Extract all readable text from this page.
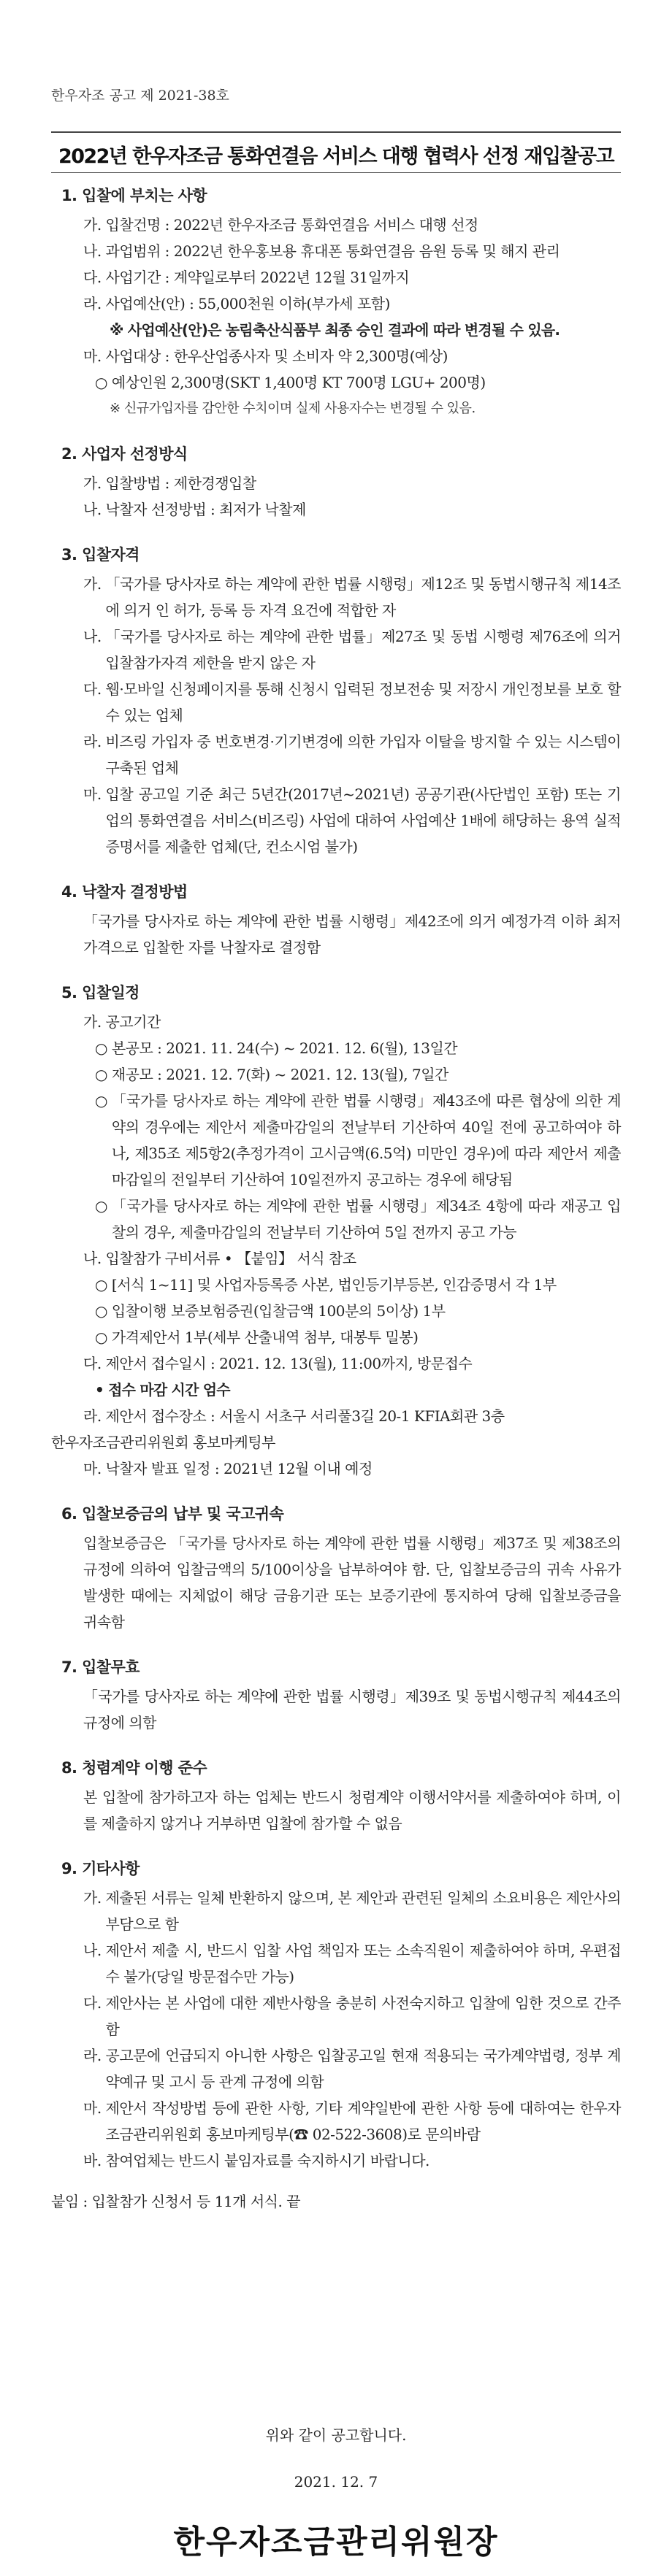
한우자조 공고 제 2021-38호
2022년 한우자조금 통화연결음 서비스 대행 협력사 선정 재입찰공고
1. 입찰에 부치는 사항
가. 입찰건명 : 2022년 한우자조금 통화연결음 서비스 대행 선정
나. 과업범위 : 2022년 한우홍보용 휴대폰 통화연결음 음원 등록 및 해지 관리
다. 사업기간 : 계약일로부터 2022년 12월 31일까지
라. 사업예산(안) : 55,000천원 이하(부가세 포함)
※ 사업예산(안)은 농림축산식품부 최종 승인 결과에 따라 변경될 수 있음.
마. 사업대상 : 한우산업종사자 및 소비자 약 2,300명(예상)
○ 예상인원 2,300명(SKT 1,400명 KT 700명 LGU+ 200명)
※ 신규가입자를 감안한 수치이며 실제 사용자수는 변경될 수 있음.
2. 사업자 선정방식
가. 입찰방법 : 제한경쟁입찰
나. 낙찰자 선정방법 : 최저가 낙찰제
3. 입찰자격
가. 「국가를 당사자로 하는 계약에 관한 법률 시행령」제12조 및 동법시행규칙 제14조에 의거 인 허가, 등록 등 자격 요건에 적합한 자
나. 「국가를 당사자로 하는 계약에 관한 법률」제27조 및 동법 시행령 제76조에 의거 입찰참가자격 제한을 받지 않은 자
다. 웹·모바일 신청페이지를 통해 신청시 입력된 정보전송 및 저장시 개인정보를 보호 할 수 있는 업체
라. 비즈링 가입자 중 번호변경·기기변경에 의한 가입자 이탈을 방지할 수 있는 시스템이 구축된 업체
마. 입찰 공고일 기준 최근 5년간(2017년~2021년) 공공기관(사단법인 포함) 또는 기업의 통화연결음 서비스(비즈링) 사업에 대하여 사업예산 1배에 해당하는 용역 실적 증명서를 제출한 업체(단, 컨소시엄 불가)
4. 낙찰자 결정방법
「국가를 당사자로 하는 계약에 관한 법률 시행령」제42조에 의거 예정가격 이하 최저가격으로 입찰한 자를 낙찰자로 결정함
5. 입찰일정
가. 공고기간
○ 본공모 : 2021. 11. 24(수) ~ 2021. 12. 6(월), 13일간
○ 재공모 : 2021. 12. 7(화) ~ 2021. 12. 13(월), 7일간
○ 「국가를 당사자로 하는 계약에 관한 법률 시행령」제43조에 따른 협상에 의한 계약의 경우에는 제안서 제출마감일의 전날부터 기산하여 40일 전에 공고하여야 하나, 제35조 제5항2(추정가격이 고시금액(6.5억) 미만인 경우)에 따라 제안서 제출마감일의 전일부터 기산하여 10일전까지 공고하는 경우에 해당됨
○ 「국가를 당사자로 하는 계약에 관한 법률 시행령」제34조 4항에 따라 재공고 입찰의 경우, 제출마감일의 전날부터 기산하여 5일 전까지 공고 가능
나. 입찰참가 구비서류 • 【붙임】 서식 참조
○ [서식 1~11] 및 사업자등록증 사본, 법인등기부등본, 인감증명서 각 1부
○ 입찰이행 보증보험증권(입찰금액 100분의 5이상) 1부
○ 가격제안서 1부(세부 산출내역 첨부, 대봉투 밀봉)
다. 제안서 접수일시 : 2021. 12. 13(월), 11:00까지, 방문접수
• 접수 마감 시간 엄수
라. 제안서 접수장소 : 서울시 서초구 서리풀3길 20-1 KFIA회관 3층
한우자조금관리위원회 홍보마케팅부
마. 낙찰자 발표 일정 : 2021년 12월 이내 예정
6. 입찰보증금의 납부 및 국고귀속
입찰보증금은 「국가를 당사자로 하는 계약에 관한 법률 시행령」제37조 및 제38조의 규정에 의하여 입찰금액의 5/100이상을 납부하여야 함. 단, 입찰보증금의 귀속 사유가 발생한 때에는 지체없이 해당 금융기관 또는 보증기관에 통지하여 당해 입찰보증금을 귀속함
7. 입찰무효
「국가를 당사자로 하는 계약에 관한 법률 시행령」제39조 및 동법시행규칙 제44조의 규정에 의함
8. 청렴계약 이행 준수
본 입찰에 참가하고자 하는 업체는 반드시 청렴계약 이행서약서를 제출하여야 하며, 이를 제출하지 않거나 거부하면 입찰에 참가할 수 없음
9. 기타사항
가. 제출된 서류는 일체 반환하지 않으며, 본 제안과 관련된 일체의 소요비용은 제안사의 부담으로 함
나. 제안서 제출 시, 반드시 입찰 사업 책임자 또는 소속직원이 제출하여야 하며, 우편접수 불가(당일 방문접수만 가능)
다. 제안사는 본 사업에 대한 제반사항을 충분히 사전숙지하고 입찰에 임한 것으로 간주함
라. 공고문에 언급되지 아니한 사항은 입찰공고일 현재 적용되는 국가계약법령, 정부 계약예규 및 고시 등 관계 규정에 의함
마. 제안서 작성방법 등에 관한 사항, 기타 계약일반에 관한 사항 등에 대하여는 한우자조금관리위원회 홍보마케팅부(☎ 02-522-3608)로 문의바람
바. 참여업체는 반드시 붙임자료를 숙지하시기 바랍니다.
붙임 : 입찰참가 신청서 등 11개 서식. 끝
위와 같이 공고합니다.
2021. 12. 7
한우자조금관리위원장
